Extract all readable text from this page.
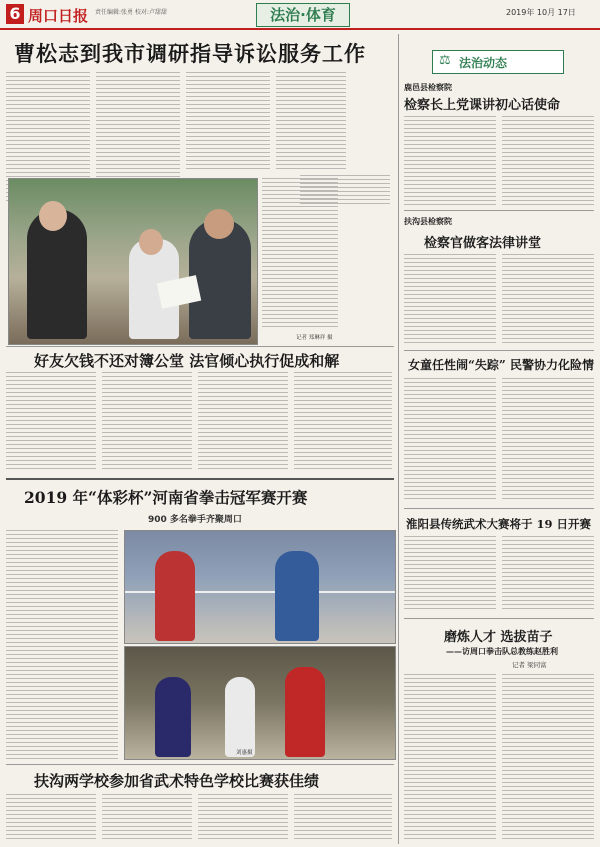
6 周口日报 责任编辑:张勇 校对:卢甜甜	法治·体育	2019年 10月 17日
曹松志到我市调研指导诉讼服务工作
记者 郑琳祥 摄
好友欠钱不还对簿公堂 法官倾心执行促成和解
2019 年“体彩杯”河南省拳击冠军赛开赛
900 多名拳手齐聚周口
刘惠摄
扶沟两学校参加省武术特色学校比赛获佳绩
⚖ 法治动态
鹿邑县检察院
检察长上党课讲初心话使命
扶沟县检察院
检察官做客法律讲堂
女童任性闹“失踪” 民警协力化险情
淮阳县传统武术大赛将于 19 日开赛
磨炼人才 选拔苗子
——访周口拳击队总教练赵胜利
记者 梁同富
